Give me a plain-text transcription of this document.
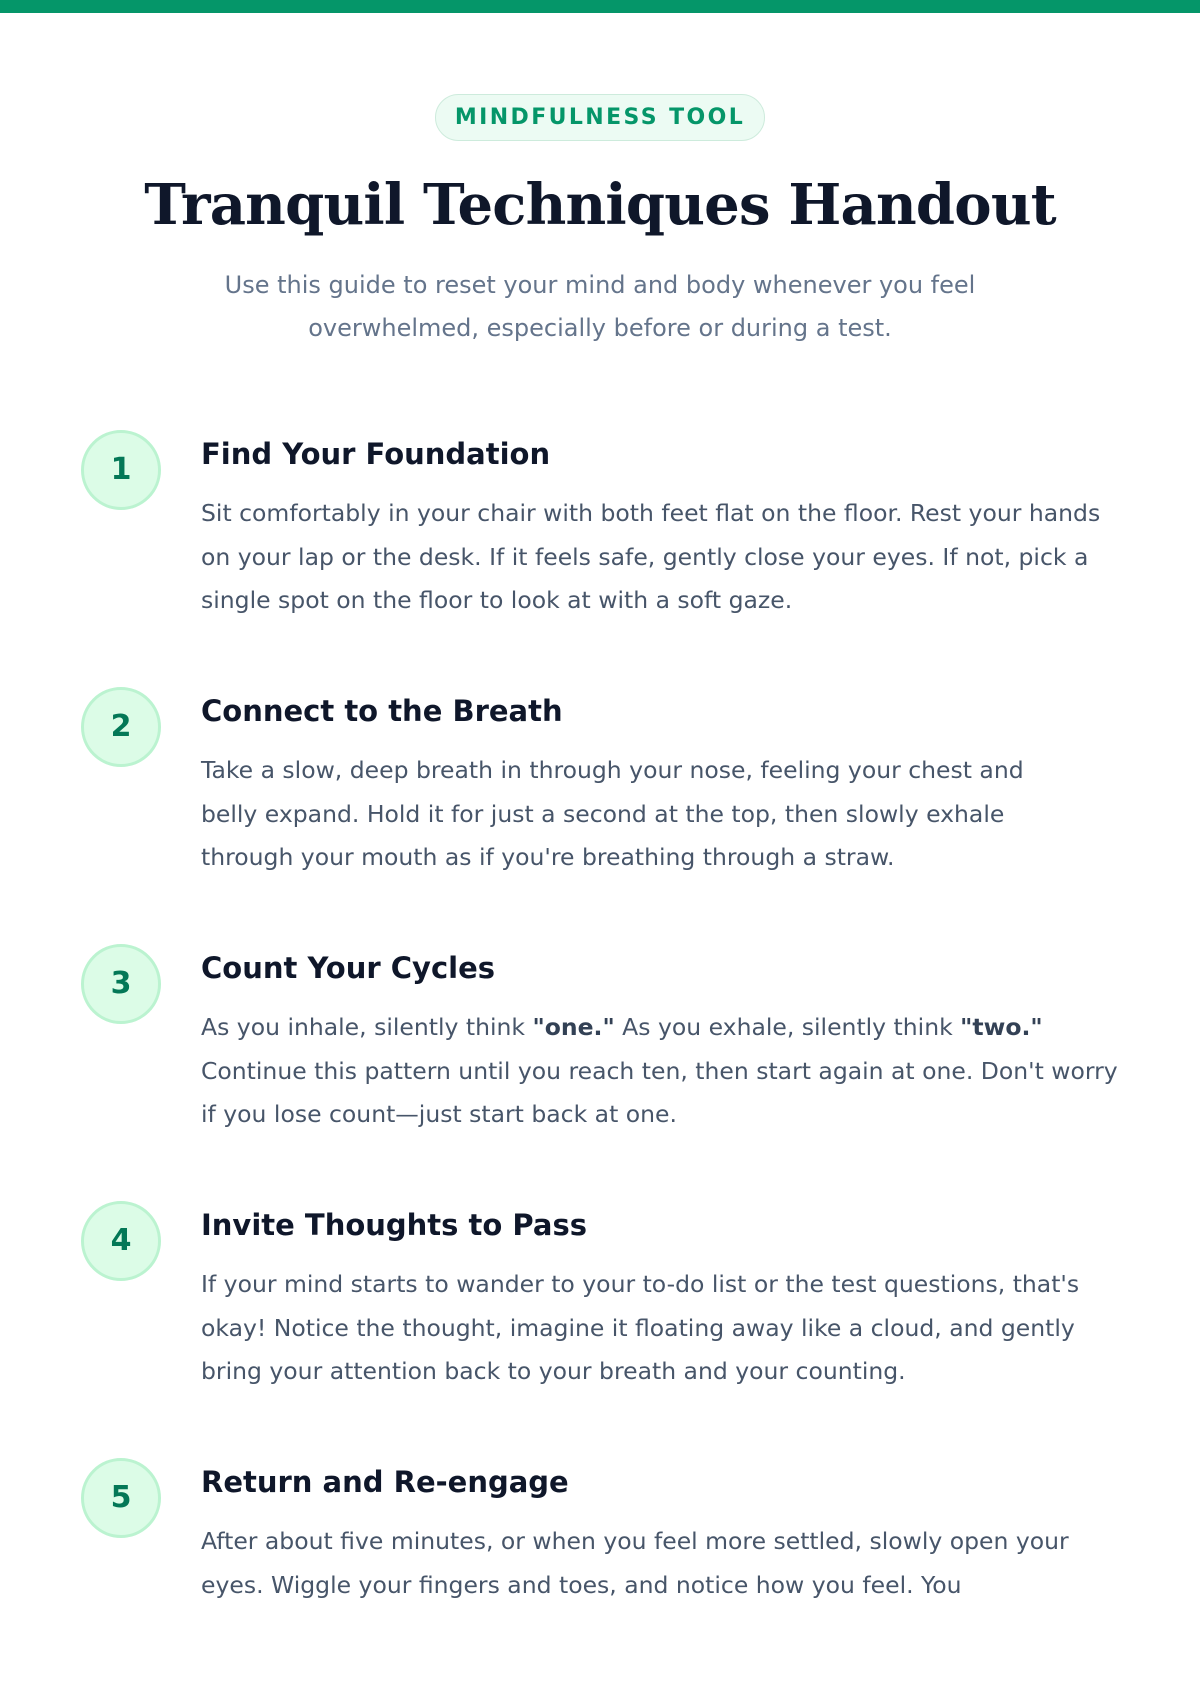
MINDFULNESS TOOL
Tranquil Techniques Handout

Use this guide to reset your mind and body whenever you feel overwhelmed, especially before or during a test.

1	Find Your Foundation

Sit comfortably in your chair with both feet flat on the floor. Rest your hands on your lap or the desk. If it feels safe, gently close your eyes. If not, pick a single spot on the floor to look at with a soft gaze.

2	Connect to the Breath

Take a slow, deep breath in through your nose, feeling your chest and belly expand. Hold it for just a second at the top, then slowly exhale through your mouth as if you're breathing through a straw.

3	Count Your Cycles

As you inhale, silently think "one." As you exhale, silently think "two." Continue this pattern until you reach ten, then start again at one. Don't worry if you lose count—just start back at one.

4	Invite Thoughts to Pass

If your mind starts to wander to your to-do list or the test questions, that's okay! Notice the thought, imagine it floating away like a cloud, and gently bring your attention back to your breath and your counting.

5	Return and Re-engage

After about five minutes, or when you feel more settled, slowly open your eyes. Wiggle your fingers and toes, and notice how you feel. You
